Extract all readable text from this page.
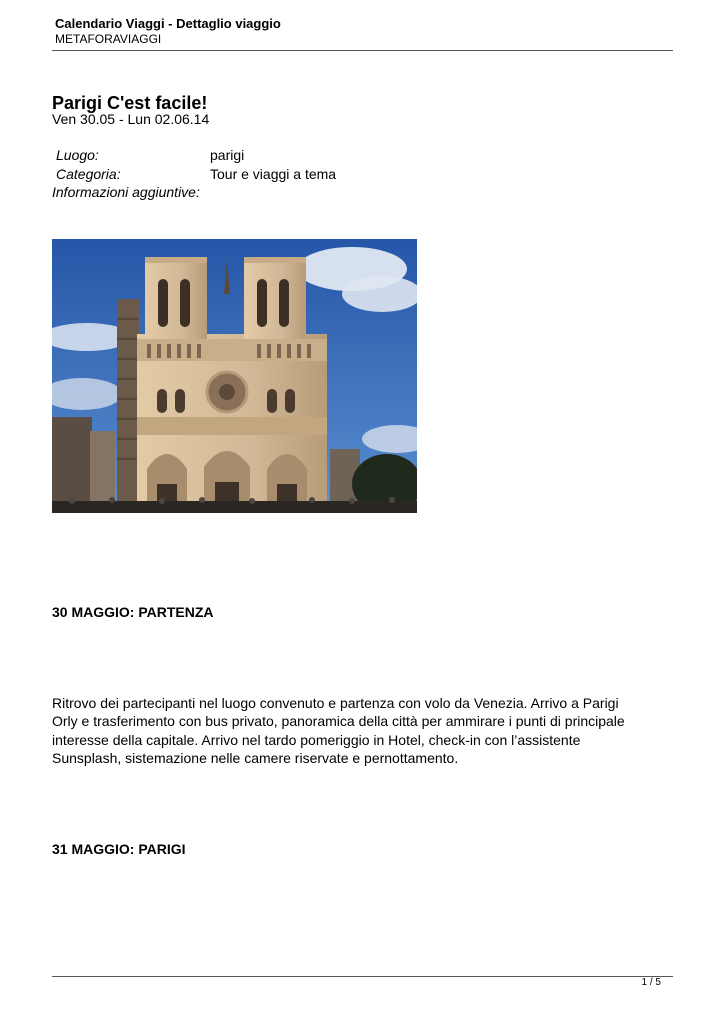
Calendario Viaggi - Dettaglio viaggio
METAFORAVIAGGI
Parigi C'est facile!
Ven 30.05 - Lun 02.06.14
Luogo:	parigi
Categoria:	Tour e viaggi a tema
Informazioni aggiuntive:
30 MAGGIO: PARTENZA
Ritrovo dei partecipanti nel luogo convenuto e partenza con volo da Venezia. Arrivo a Parigi
Orly e trasferimento con bus privato, panoramica della città per ammirare i punti di principale
interesse della capitale. Arrivo nel tardo pomeriggio in Hotel, check-in con l’assistente
Sunsplash, sistemazione nelle camere riservate e pernottamento.
31 MAGGIO: PARIGI
1 / 5
